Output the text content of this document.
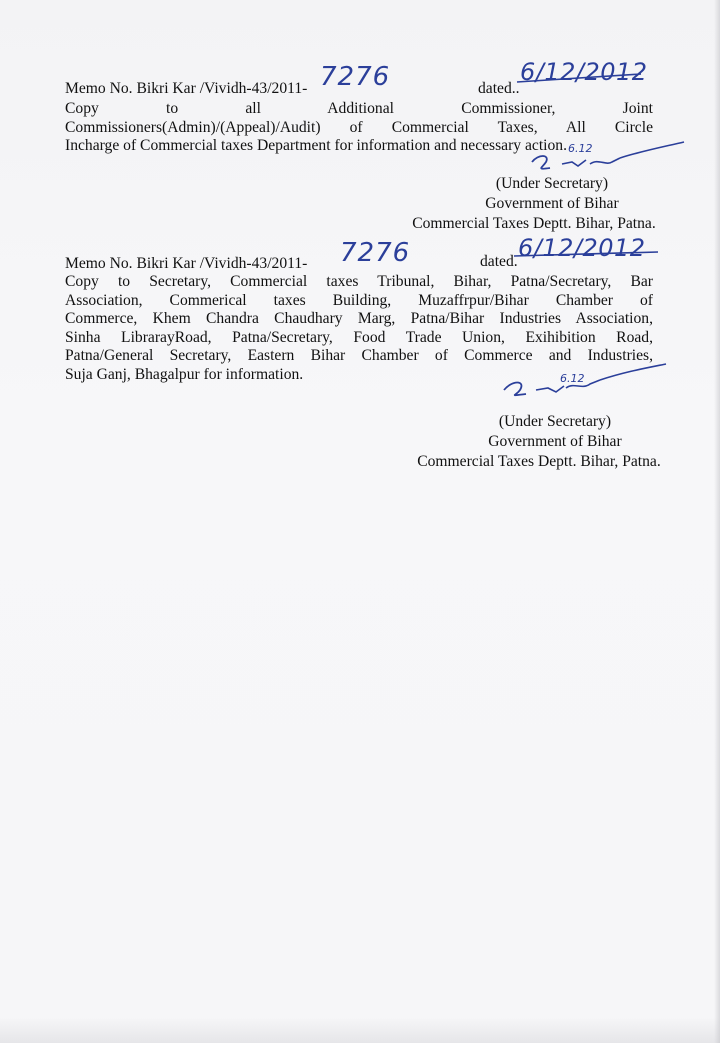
Memo No. Bikri Kar /Vividh-43/2011- 7276	dated..
6/12/2012
Copy	to	all	Additional	Commissioner,	Joint
Commissioners(Admin)/(Appeal)/Audit) of Commercial Taxes, All Circle
Incharge of Commercial taxes Department for information and necessary action. 6.12
(Under Secretary)
Government of Bihar
Commercial Taxes Deptt. Bihar, Patna.
Memo No. Bikri Kar /Vividh-43/2011-	7276	dated. 6/12/2012
Copy to Secretary, Commercial taxes Tribunal, Bihar, Patna/Secretary, Bar
Association, Commerical taxes Building, Muzaffrpur/Bihar Chamber of
Commerce, Khem Chandra Chaudhary Marg, Patna/Bihar Industries Association,
Sinha LibrarayRoad, Patna/Secretary, Food Trade Union, Exihibition Road,
Patna/General Secretary, Eastern Bihar Chamber of Commerce and Industries,
Suja Ganj, Bhagalpur for information.	6.12
(Under Secretary)
Government of Bihar
Commercial Taxes Deptt. Bihar, Patna.
